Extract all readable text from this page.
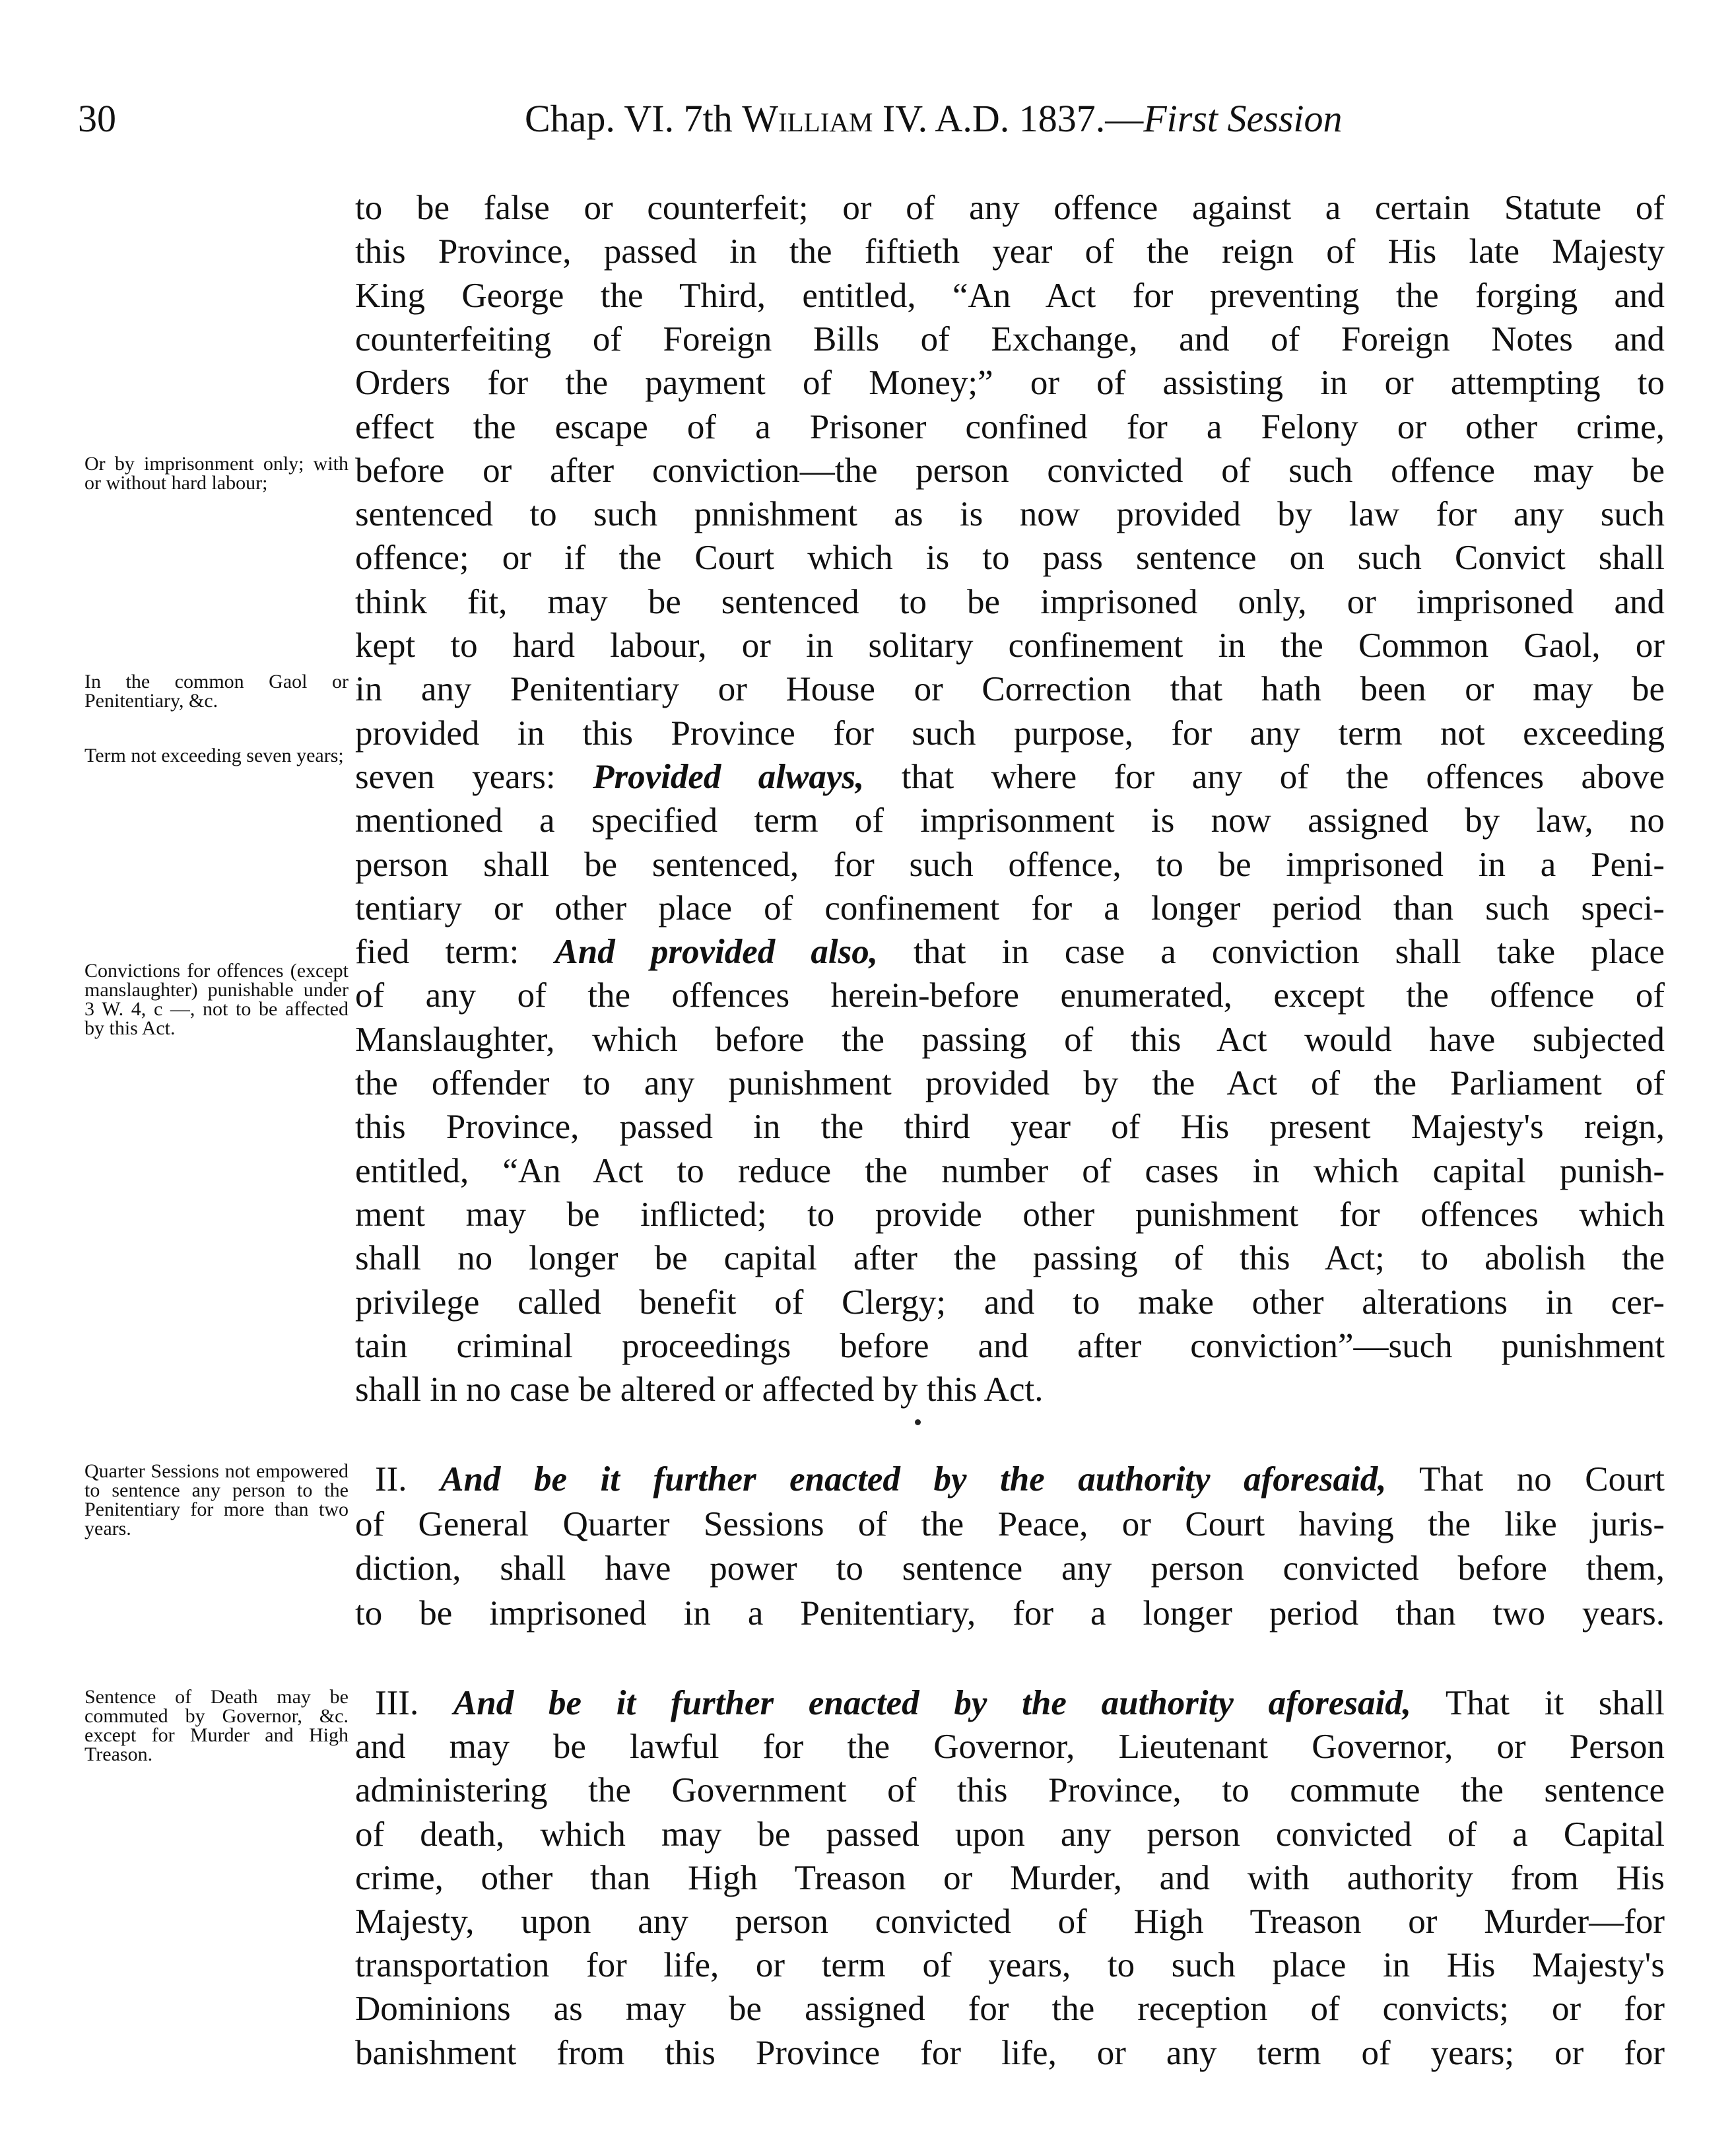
30	Chap. VI. 7th William IV. A.D. 1837.—First Session
Or by imprisonment only; with or without hard labour;
In the common Gaol or Penitentiary, &c.
Term not exceeding seven years;
Convictions for offences (except manslaughter) punishable under 3 W. 4, c —, not to be affected by this Act.
Quarter Sessions not empowered to sentence any person to the Penitentiary for more than two years.
Sentence of Death may be commuted by Governor, &c. except for Murder and High Treason.
to be false or counterfeit; or of any offence against a certain Statute of
this Province, passed in the fiftieth year of the reign of His late Majesty
King George the Third, entitled, “An Act for preventing the forging and
counterfeiting of Foreign Bills of Exchange, and of Foreign Notes and
Orders for the payment of Money;” or of assisting in or attempting to
effect the escape of a Prisoner confined for a Felony or other crime,
before or after conviction—the person convicted of such offence may be
sentenced to such pnnishment as is now provided by law for any such
offence; or if the Court which is to pass sentence on such Convict shall
think fit, may be sentenced to be imprisoned only, or imprisoned and
kept to hard labour, or in solitary confinement in the Common Gaol, or
in any Penitentiary or House or Correction that hath been or may be
provided in this Province for such purpose, for any term not exceeding
seven years: Provided always, that where for any of the offences above
mentioned a specified term of imprisonment is now assigned by law, no
person shall be sentenced, for such offence, to be imprisoned in a Peni-
tentiary or other place of confinement for a longer period than such speci-
fied term: And provided also, that in case a conviction shall take place
of any of the offences herein-before enumerated, except the offence of
Manslaughter, which before the passing of this Act would have subjected
the offender to any punishment provided by the Act of the Parliament of
this Province, passed in the third year of His present Majesty's reign,
entitled, “An Act to reduce the number of cases in which capital punish-
ment may be inflicted; to provide other punishment for offences which
shall no longer be capital after the passing of this Act; to abolish the
privilege called benefit of Clergy; and to make other alterations in cer-
tain criminal proceedings before and after conviction”—such punishment
shall in no case be altered or affected by this Act.
II. And be it further enacted by the authority aforesaid, That no Court
of General Quarter Sessions of the Peace, or Court having the like juris-
diction, shall have power to sentence any person convicted before them,
to be imprisoned in a Penitentiary, for a longer period than two years.
III. And be it further enacted by the authority aforesaid, That it shall
and may be lawful for the Governor, Lieutenant Governor, or Person
administering the Government of this Province, to commute the sentence
of death, which may be passed upon any person convicted of a Capital
crime, other than High Treason or Murder, and with authority from His
Majesty, upon any person convicted of High Treason or Murder—for
transportation for life, or term of years, to such place in His Majesty's
Dominions as may be assigned for the reception of convicts; or for
banishment from this Province for life, or any term of years; or for
